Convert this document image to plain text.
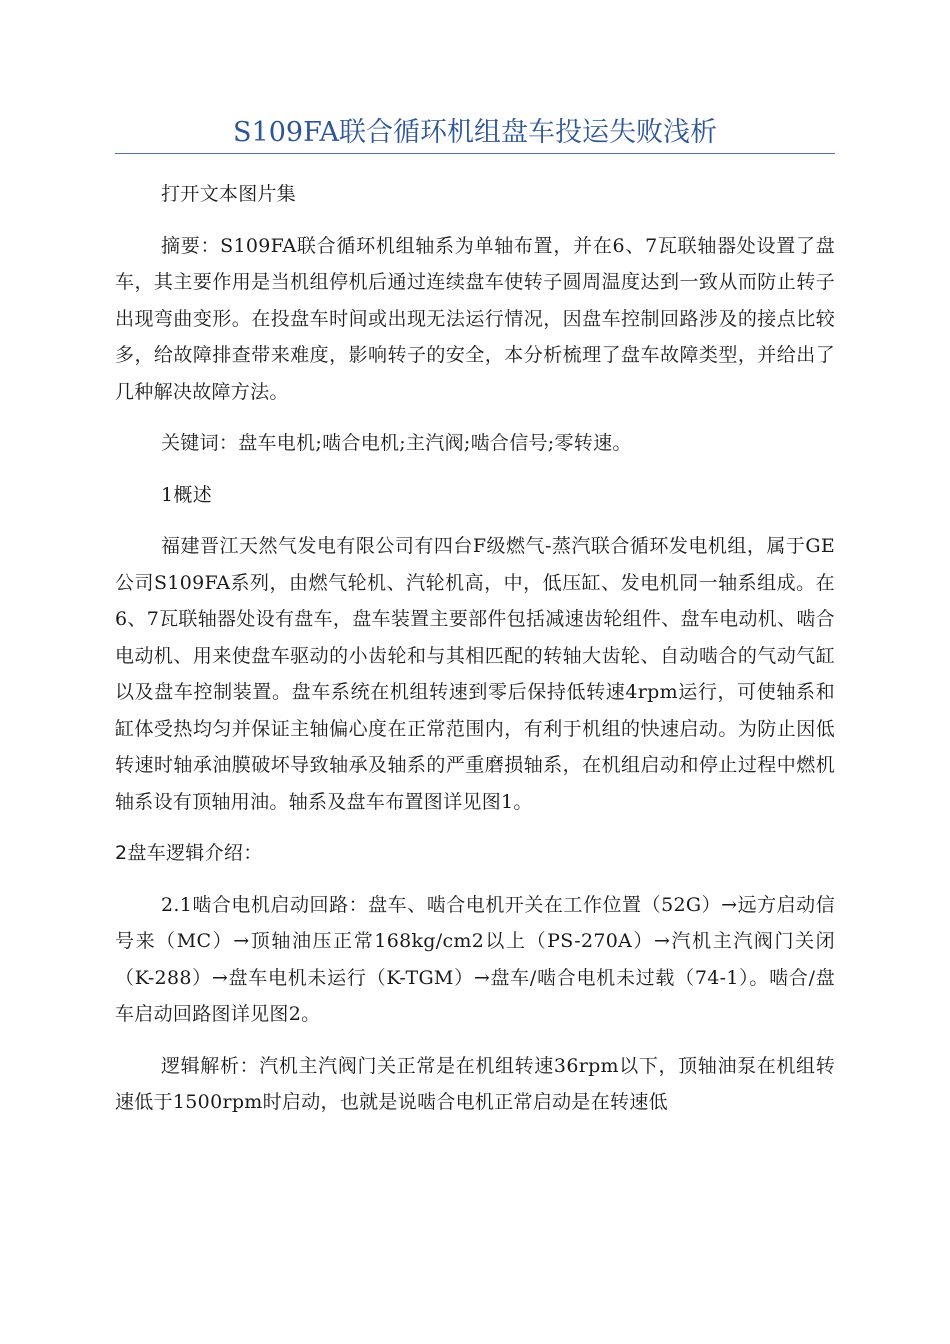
S109FA联合循环机组盘车投运失败浅析

打开文本图片集

摘要：S109FA联合循环机组轴系为单轴布置，并在6、7瓦联轴器处设置了盘车，其主要作用是当机组停机后通过连续盘车使转子圆周温度达到一致从而防止转子出现弯曲变形。在投盘车时间或出现无法运行情况，因盘车控制回路涉及的接点比较多，给故障排查带来难度，影响转子的安全，本分析梳理了盘车故障类型，并给出了几种解决故障方法。

关键词：盘车电机;啮合电机;主汽阀;啮合信号;零转速。

1概述

福建晋江天然气发电有限公司有四台F级燃气-蒸汽联合循环发电机组，属于GE公司S109FA系列，由燃气轮机、汽轮机高，中，低压缸、发电机同一轴系组成。在6、7瓦联轴器处设有盘车，盘车装置主要部件包括减速齿轮组件、盘车电动机、啮合电动机、用来使盘车驱动的小齿轮和与其相匹配的转轴大齿轮、自动啮合的气动气缸以及盘车控制装置。盘车系统在机组转速到零后保持低转速4rpm运行，可使轴系和缸体受热均匀并保证主轴偏心度在正常范围内，有利于机组的快速启动。为防止因低转速时轴承油膜破坏导致轴承及轴系的严重磨损轴系，在机组启动和停止过程中燃机轴系设有顶轴用油。轴系及盘车布置图详见图1。

2盘车逻辑介绍：

2.1啮合电机启动回路：盘车、啮合电机开关在工作位置（52G）→远方启动信号来（MC）→顶轴油压正常168kg/cm2以上（PS-270A）→汽机主汽阀门关闭（K-288）→盘车电机未运行（K-TGM）→盘车/啮合电机未过载（74-1）。啮合/盘车启动回路图详见图2。

逻辑解析：汽机主汽阀门关正常是在机组转速36rpm以下，顶轴油泵在机组转速低于1500rpm时启动，也就是说啮合电机正常启动是在转速低
